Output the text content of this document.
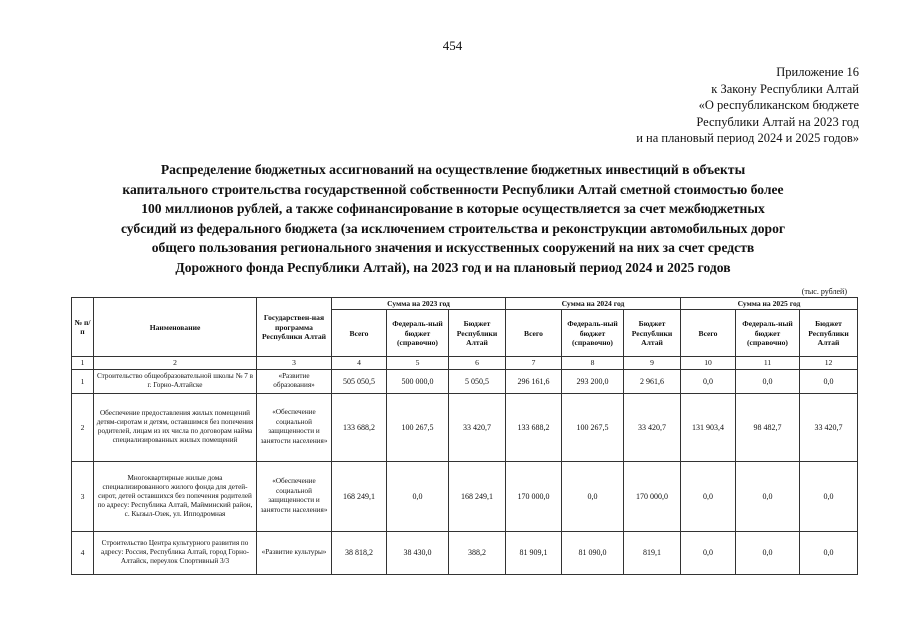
454
Приложение 16
к Закону Республики Алтай
«О республиканском бюджете
Республики Алтай на 2023 год
и на плановый период 2024 и 2025 годов»
Распределение бюджетных ассигнований на осуществление бюджетных инвестиций в объекты
капитального строительства государственной собственности Республики Алтай сметной стоимостью более
100 миллионов рублей, а также софинансирование в которые осуществляется за счет межбюджетных
субсидий из федерального бюджета (за исключением строительства и реконструкции автомобильных дорог
общего пользования регионального значения и искусственных сооружений на них за счет средств
Дорожного фонда Республики Алтай), на 2023 год и на плановый период 2024 и 2025 годов
(тыс. рублей)
№ п/п	Наименование	Государствен-ная программа Республики Алтай	Сумма на 2023 год			Сумма на 2024 год			Сумма на 2025 год		
			Всего	Федераль-ный бюджет (справочно)	Бюджет Республики Алтай	Всего	Федераль-ный бюджет (справочно)	Бюджет Республики Алтай	Всего	Федераль-ный бюджет (справочно)	Бюджет Республики Алтай
1	2	3	4	5	6	7	8	9	10	11	12
1	Строительство общеобразовательной школы № 7 в г. Горно-Алтайске	«Развитие образования»	505 050,5	500 000,0	5 050,5	296 161,6	293 200,0	2 961,6	0,0	0,0	0,0
2	Обеспечение предоставления жилых помещений детям-сиротам и детям, оставшимся без попечения родителей, лицам из их числа по договорам найма специализированных жилых помещений	«Обеспечение социальной защищенности и занятости населения»	133 688,2	100 267,5	33 420,7	133 688,2	100 267,5	33 420,7	131 903,4	98 482,7	33 420,7
3	Многоквартирные жилые дома специализированного жилого фонда для детей-сирот, детей оставшихся без попечения родителей по адресу: Республика Алтай, Майминский район, с. Кызыл-Озек, ул. Ипподромная	«Обеспечение социальной защищенности и занятости населения»	168 249,1	0,0	168 249,1	170 000,0	0,0	170 000,0	0,0	0,0	0,0
4	Строительство Центра культурного развития по адресу: Россия, Республика Алтай, город Горно-Алтайск, переулок Спортивный 3/3	«Развитие культуры»	38 818,2	38 430,0	388,2	81 909,1	81 090,0	819,1	0,0	0,0	0,0
